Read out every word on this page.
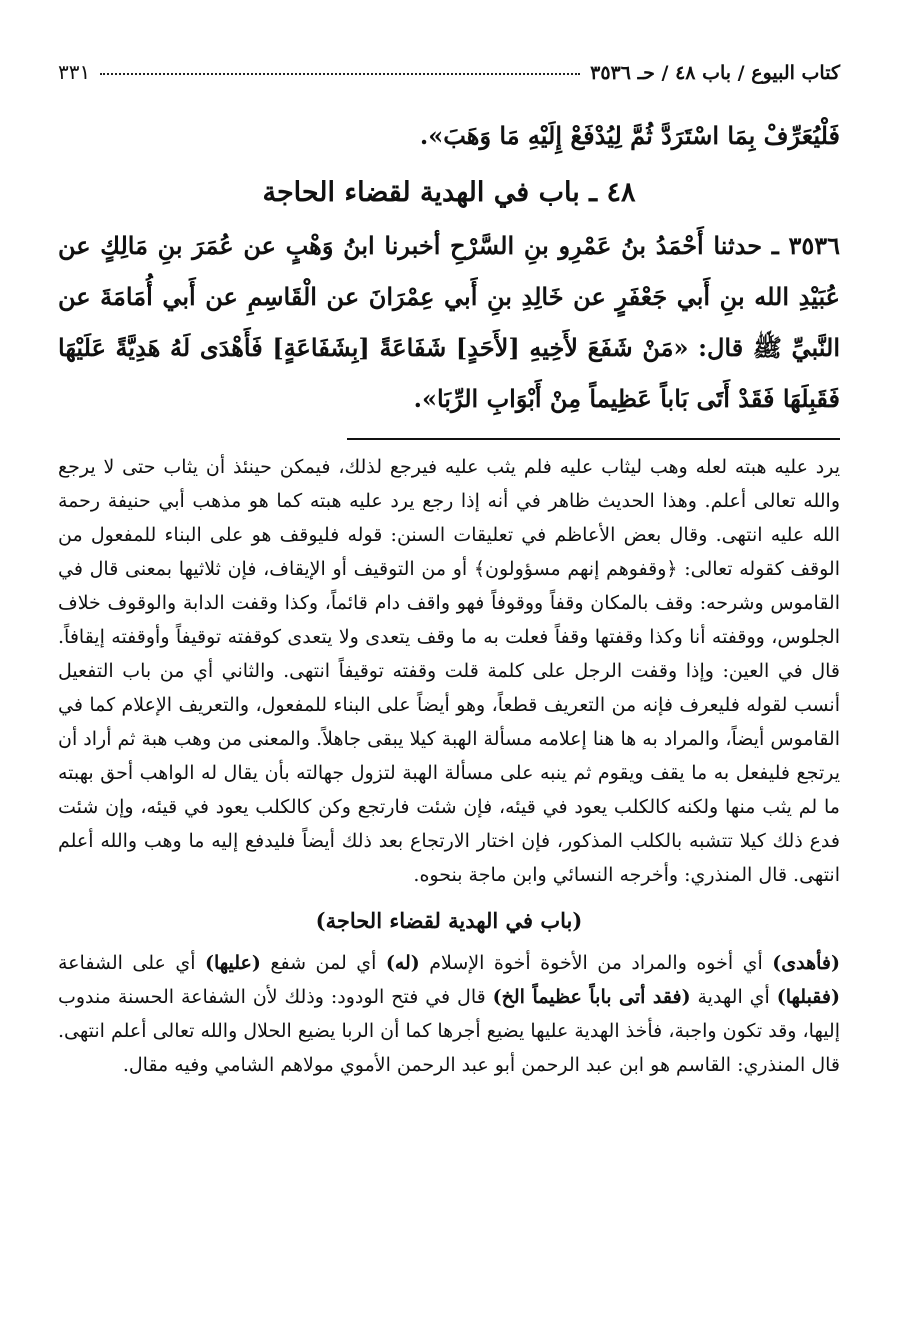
كتاب البيوع / باب ٤٨ / حـ ٣٥٣٦
٣٣١
فَلْيُعَرِّفْ بِمَا اسْتَرَدَّ ثُمَّ لِيُدْفَعْ إِلَيْهِ مَا وَهَبَ».
٤٨ ـ باب في الهدية لقضاء الحاجة
٣٥٣٦ ـ حدثنا أَحْمَدُ بنُ عَمْرِو بنِ السَّرْحِ أخبرنا ابنُ وَهْبٍ عن عُمَرَ بنِ مَالِكٍ عن عُبَيْدِ الله بنِ أَبي جَعْفَرٍ عن خَالِدِ بنِ أَبي عِمْرَانَ عن الْقَاسِمِ عن أَبي أُمَامَةَ عن النَّبيِّ ﷺ قال: «مَنْ شَفَعَ لأَخِيهِ [لأَحَدٍ] شَفَاعَةً [بِشَفَاعَةٍ] فَأَهْدَى لَهُ هَدِيَّةً عَلَيْهَا فَقَبِلَهَا فَقَدْ أَتَى بَاباً عَظِيماً مِنْ أَبْوَابِ الرِّبَا».
يرد عليه هبته لعله وهب ليثاب عليه فلم يثب عليه فيرجع لذلك، فيمكن حينئذ أن يثاب حتى لا يرجع والله تعالى أعلم. وهذا الحديث ظاهر في أنه إذا رجع يرد عليه هبته كما هو مذهب أبي حنيفة رحمة الله عليه انتهى. وقال بعض الأعاظم في تعليقات السنن: قوله فليوقف هو على البناء للمفعول من الوقف كقوله تعالى: ﴿وقفوهم إنهم مسؤولون﴾ أو من التوقيف أو الإيقاف، فإن ثلاثيها بمعنى قال في القاموس وشرحه: وقف بالمكان وقفاً ووقوفاً فهو واقف دام قائماً، وكذا وقفت الدابة والوقوف خلاف الجلوس، ووقفته أنا وكذا وقفتها وقفاً فعلت به ما وقف يتعدى ولا يتعدى كوقفته توقيفاً وأوقفته إيقافاً. قال في العين: وإذا وقفت الرجل على كلمة قلت وقفته توقيفاً انتهى. والثاني أي من باب التفعيل أنسب لقوله فليعرف فإنه من التعريف قطعاً، وهو أيضاً على البناء للمفعول، والتعريف الإعلام كما في القاموس أيضاً، والمراد به ها هنا إعلامه مسألة الهبة كيلا يبقى جاهلاً. والمعنى من وهب هبة ثم أراد أن يرتجع فليفعل به ما يقف ويقوم ثم ينبه على مسألة الهبة لتزول جهالته بأن يقال له الواهب أحق بهبته ما لم يثب منها ولكنه كالكلب يعود في قيئه، فإن شئت فارتجع وكن كالكلب يعود في قيئه، وإن شئت فدع ذلك كيلا تتشبه بالكلب المذكور، فإن اختار الارتجاع بعد ذلك أيضاً فليدفع إليه ما وهب والله أعلم انتهى. قال المنذري: وأخرجه النسائي وابن ماجة بنحوه.
(باب في الهدية لقضاء الحاجة)
(فأهدى) أي أخوه والمراد من الأخوة أخوة الإسلام (له) أي لمن شفع (عليها) أي على الشفاعة (فقبلها) أي الهدية (فقد أتى باباً عظيماً الخ) قال في فتح الودود: وذلك لأن الشفاعة الحسنة مندوب إليها، وقد تكون واجبة، فأخذ الهدية عليها يضيع أجرها كما أن الربا يضيع الحلال والله تعالى أعلم انتهى. قال المنذري: القاسم هو ابن عبد الرحمن أبو عبد الرحمن الأموي مولاهم الشامي وفيه مقال.
